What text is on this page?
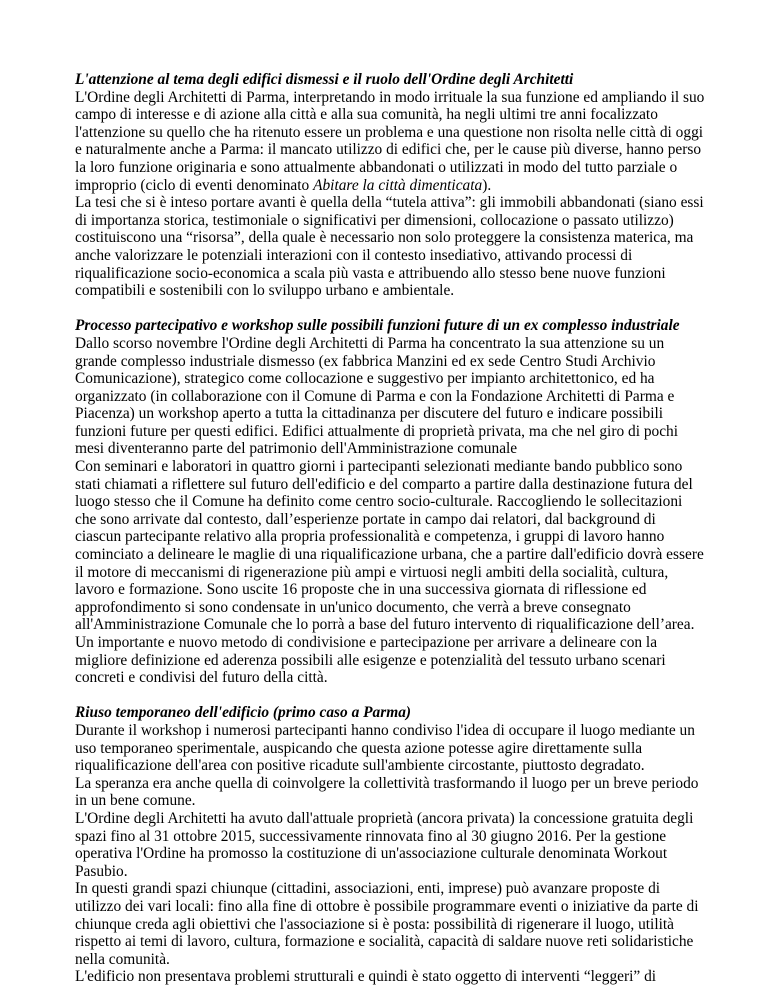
L'attenzione al tema degli edifici dismessi e il ruolo dell'Ordine degli Architetti

L'Ordine degli Architetti di Parma, interpretando in modo irrituale la sua funzione ed ampliando il suo campo di interesse e di azione alla città e alla sua comunità, ha negli ultimi tre anni focalizzato l'attenzione su quello che ha ritenuto essere un problema e una questione non risolta nelle città di oggi e naturalmente anche a Parma: il mancato utilizzo di edifici che, per le cause più diverse, hanno perso la loro funzione originaria e sono attualmente abbandonati o utilizzati in modo del tutto parziale o improprio (ciclo di eventi denominato Abitare la città dimenticata).

La tesi che si è inteso portare avanti è quella della “tutela attiva”: gli immobili abbandonati (siano essi di importanza storica, testimoniale o significativi per dimensioni, collocazione o passato utilizzo) costituiscono una “risorsa”, della quale è necessario non solo proteggere la consistenza materica, ma anche valorizzare le potenziali interazioni con il contesto insediativo, attivando processi di riqualificazione socio-economica a scala più vasta e attribuendo allo stesso bene nuove funzioni compatibili e sostenibili con lo sviluppo urbano e ambientale.

Processo partecipativo e workshop sulle possibili funzioni future di un ex complesso industriale

Dallo scorso novembre l'Ordine degli Architetti di Parma ha concentrato la sua attenzione su un grande complesso industriale dismesso (ex fabbrica Manzini ed ex sede Centro Studi Archivio Comunicazione), strategico come collocazione e suggestivo per impianto architettonico, ed ha organizzato (in collaborazione con il Comune di Parma e con la Fondazione Architetti di Parma e Piacenza) un workshop aperto a tutta la cittadinanza per discutere del futuro e indicare possibili funzioni future per questi edifici. Edifici attualmente di proprietà privata, ma che nel giro di pochi mesi diventeranno parte del patrimonio dell'Amministrazione comunale

Con seminari e laboratori in quattro giorni i partecipanti selezionati mediante bando pubblico sono stati chiamati a riflettere sul futuro dell'edificio e del comparto a partire dalla destinazione futura del luogo stesso che il Comune ha definito come centro socio-culturale. Raccogliendo le sollecitazioni che sono arrivate dal contesto, dall’esperienze portate in campo dai relatori, dal background di ciascun partecipante relativo alla propria professionalità e competenza, i gruppi di lavoro hanno cominciato a delineare le maglie di una riqualificazione urbana, che a partire dall'edificio dovrà essere il motore di meccanismi di rigenerazione più ampi e virtuosi negli ambiti della socialità, cultura, lavoro e formazione. Sono uscite 16 proposte che in una successiva giornata di riflessione ed approfondimento si sono condensate in un'unico documento, che verrà a breve consegnato all'Amministrazione Comunale che lo porrà a base del futuro intervento di riqualificazione dell’area. Un importante e nuovo metodo di condivisione e partecipazione per arrivare a delineare con la migliore definizione ed aderenza possibili alle esigenze e potenzialità del tessuto urbano scenari concreti e condivisi del futuro della città.

Riuso temporaneo dell'edificio (primo caso a Parma)

Durante il workshop i numerosi partecipanti hanno condiviso l'idea di occupare il luogo mediante un uso temporaneo sperimentale, auspicando che questa azione potesse agire direttamente sulla riqualificazione dell'area con positive ricadute sull'ambiente circostante, piuttosto degradato.

La speranza era anche quella di coinvolgere la collettività trasformando il luogo per un breve periodo in un bene comune.

L'Ordine degli Architetti ha avuto dall'attuale proprietà (ancora privata) la concessione gratuita degli spazi fino al 31 ottobre 2015, successivamente rinnovata fino al 30 giugno 2016. Per la gestione operativa l'Ordine ha promosso la costituzione di un'associazione culturale denominata Workout Pasubio.

In questi grandi spazi chiunque (cittadini, associazioni, enti, imprese) può avanzare proposte di utilizzo dei vari locali: fino alla fine di ottobre è possibile programmare eventi o iniziative da parte di chiunque creda agli obiettivi che l'associazione si è posta: possibilità di rigenerare il luogo, utilità rispetto ai temi di lavoro, cultura, formazione e socialità, capacità di saldare nuove reti solidaristiche nella comunità.

L'edificio non presentava problemi strutturali e quindi è stato oggetto di interventi “leggeri” di
